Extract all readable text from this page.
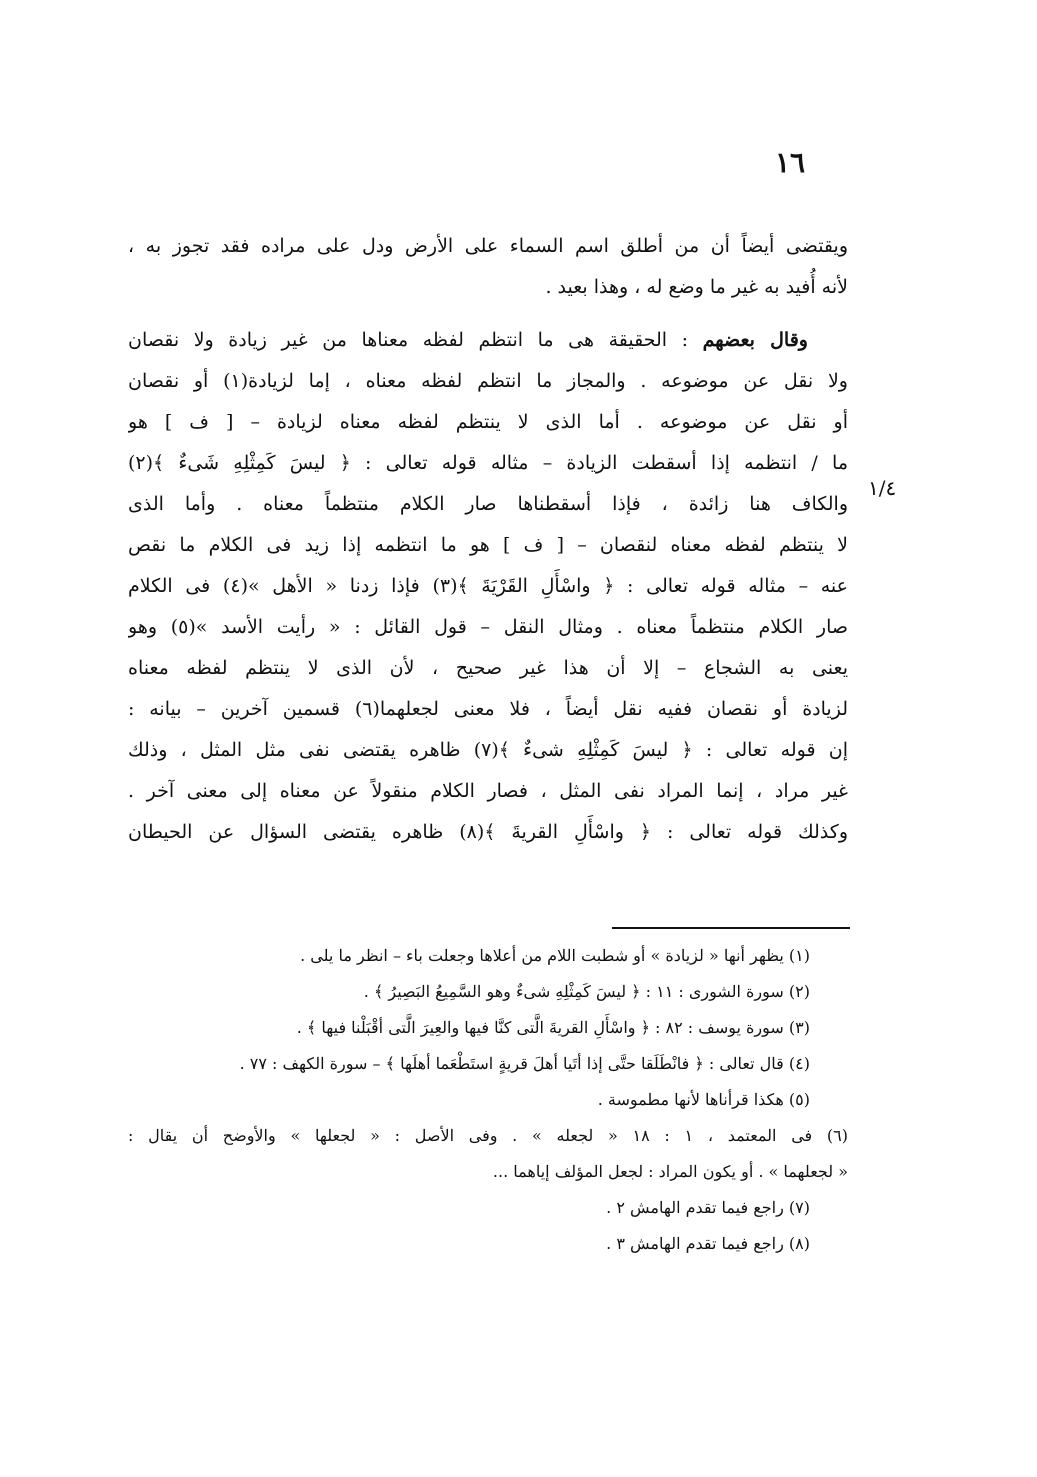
١٦
١/٤
ويقتضى أيضاً أن من أطلق اسم السماء على الأرض ودل على مراده فقد تجوز به ،
لأنه أُفيد به غير ما وضع له ، وهذا بعيد .
وقال بعضهم : الحقيقة هى ما انتظم لفظه معناها من غير زيادة ولا نقصان
ولا نقل عن موضوعه . والمجاز ما انتظم لفظه معناه ، إما لزيادة(١) أو نقصان
أو نقل عن موضوعه . أما الذى لا ينتظم لفظه معناه لزيادة – [ ف ] هو
ما / انتظمه إذا أسقطت الزيادة – مثاله قوله تعالى : ﴿ ليسَ كَمِثْلِهِ شَىءٌ ﴾(٢)
والكاف هنا زائدة ، فإذا أسقطناها صار الكلام منتظماً معناه . وأما الذى
لا ينتظم لفظه معناه لنقصان – [ ف ] هو ما انتظمه إذا زيد فى الكلام ما نقص
عنه – مثاله قوله تعالى : ﴿ واسْأَلِ القَرْيَةَ ﴾(٣) فإذا زدنا « الأهل »(٤) فى الكلام
صار الكلام منتظماً معناه . ومثال النقل – قول القائل : « رأيت الأسد »(٥) وهو
يعنى به الشجاع – إلا أن هذا غير صحيح ، لأن الذى لا ينتظم لفظه معناه
لزيادة أو نقصان ففيه نقل أيضاً ، فلا معنى لجعلهما(٦) قسمين آخرين – بيانه :
إن قوله تعالى : ﴿ ليسَ كَمِثْلِهِ شىءٌ ﴾(٧) ظاهره يقتضى نفى مثل المثل ، وذلك
غير مراد ، إنما المراد نفى المثل ، فصار الكلام منقولاً عن معناه إلى معنى آخر .
وكذلك قوله تعالى : ﴿ واسْأَلِ القريةَ ﴾(٨) ظاهره يقتضى السؤال عن الحيطان
(١) يظهر أنها « لزيادة » أو شطبت اللام من أعلاها وجعلت باء – انظر ما يلى .
(٢) سورة الشورى : ١١ : ﴿ ليسَ كَمِثْلِهِ شىءٌ وهو السَّمِيعُ البَصِيرُ ﴾ .
(٣) سورة يوسف : ٨٢ : ﴿ واسْأَلِ القريةَ الَّتى كنَّا فيها والعِيرَ الَّتى أقْبَلْنا فيها ﴾ .
(٤) قال تعالى : ﴿ فانْطَلَقا حتَّى إذا أتَيا أهلَ قريةٍ استَطْعَما أهلَها ﴾ – سورة الكهف : ٧٧ .
(٥) هكذا قرأناها لأنها مطموسة .
(٦) فى المعتمد ، ١ : ١٨ « لجعله » . وفى الأصل : « لجعلها » والأوضح أن يقال :
« لجعلهما » . أو يكون المراد : لجعل المؤلف إياهما ...
(٧) راجع فيما تقدم الهامش ٢ .
(٨) راجع فيما تقدم الهامش ٣ .
